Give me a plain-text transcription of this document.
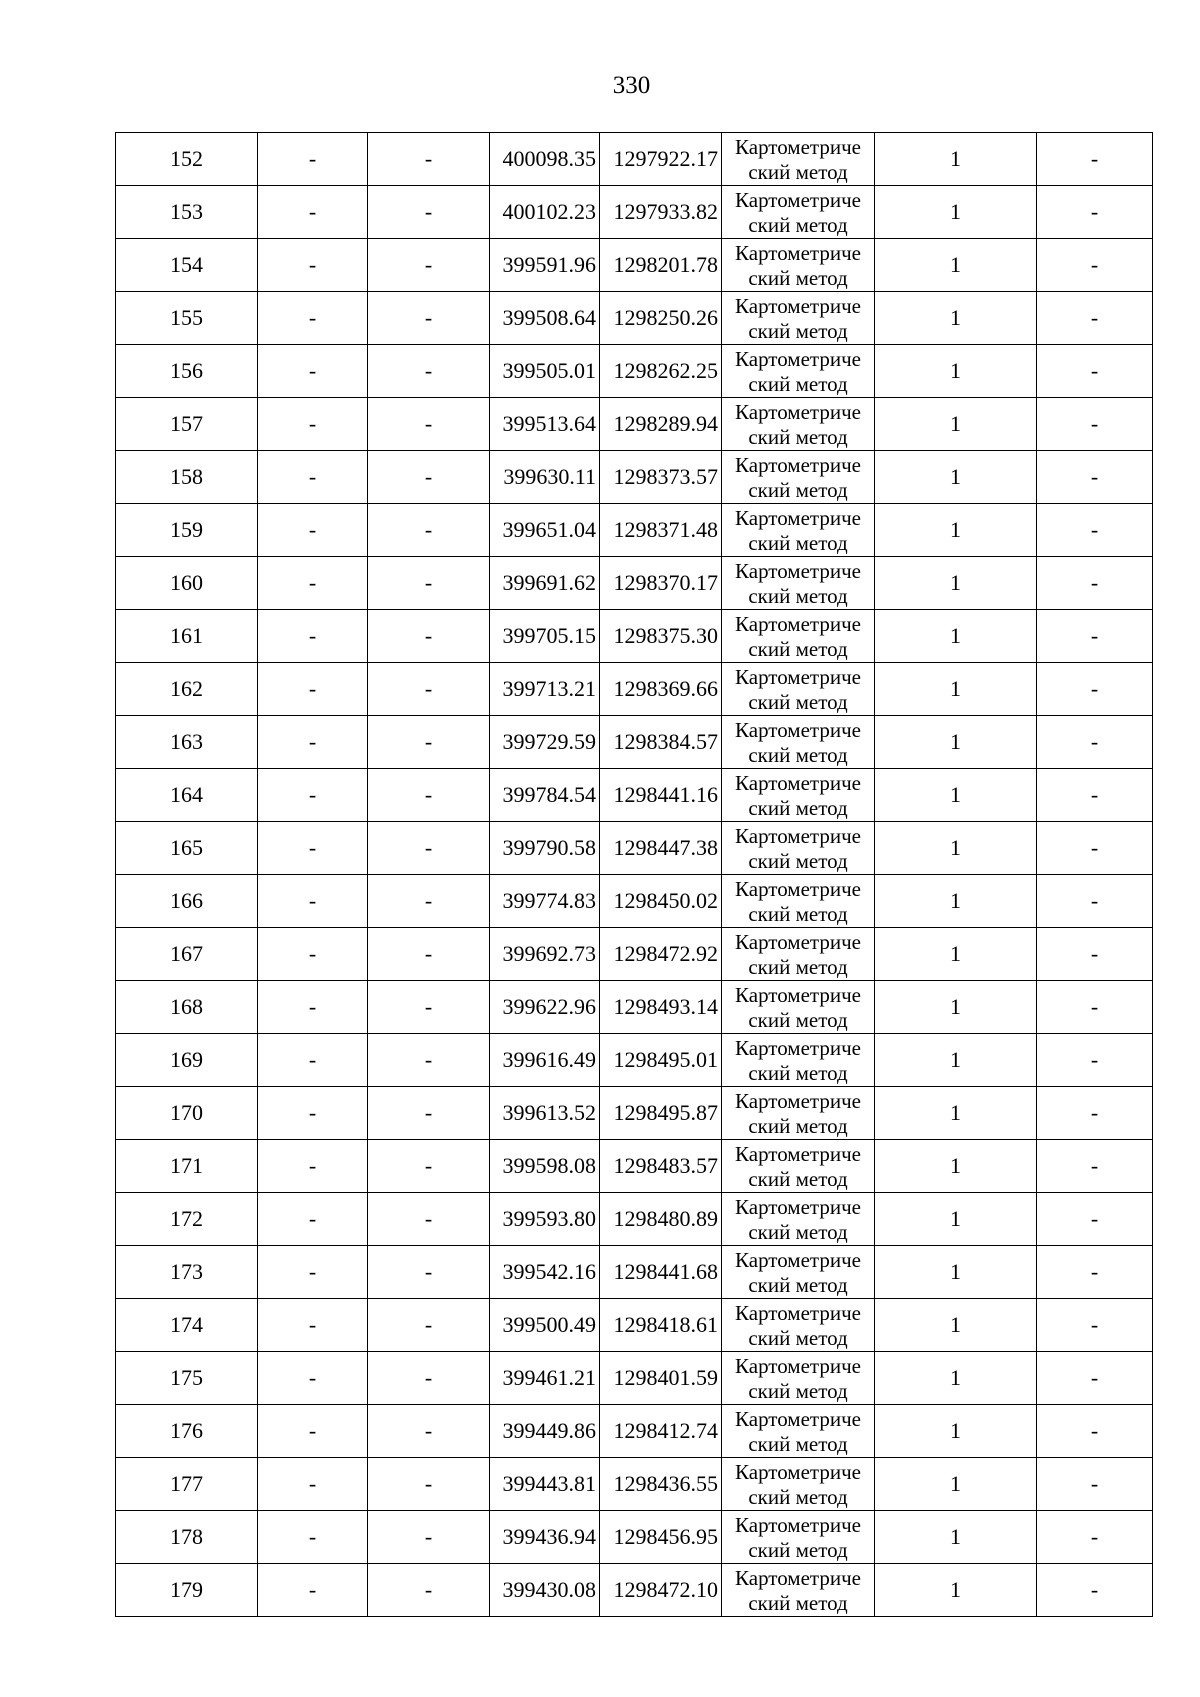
330
152	-	-	400098.35	1297922.17	Картометриче
ский метод	1	-
153	-	-	400102.23	1297933.82	Картометриче
ский метод	1	-
154	-	-	399591.96	1298201.78	Картометриче
ский метод	1	-
155	-	-	399508.64	1298250.26	Картометриче
ский метод	1	-
156	-	-	399505.01	1298262.25	Картометриче
ский метод	1	-
157	-	-	399513.64	1298289.94	Картометриче
ский метод	1	-
158	-	-	399630.11	1298373.57	Картометриче
ский метод	1	-
159	-	-	399651.04	1298371.48	Картометриче
ский метод	1	-
160	-	-	399691.62	1298370.17	Картометриче
ский метод	1	-
161	-	-	399705.15	1298375.30	Картометриче
ский метод	1	-
162	-	-	399713.21	1298369.66	Картометриче
ский метод	1	-
163	-	-	399729.59	1298384.57	Картометриче
ский метод	1	-
164	-	-	399784.54	1298441.16	Картометриче
ский метод	1	-
165	-	-	399790.58	1298447.38	Картометриче
ский метод	1	-
166	-	-	399774.83	1298450.02	Картометриче
ский метод	1	-
167	-	-	399692.73	1298472.92	Картометриче
ский метод	1	-
168	-	-	399622.96	1298493.14	Картометриче
ский метод	1	-
169	-	-	399616.49	1298495.01	Картометриче
ский метод	1	-
170	-	-	399613.52	1298495.87	Картометриче
ский метод	1	-
171	-	-	399598.08	1298483.57	Картометриче
ский метод	1	-
172	-	-	399593.80	1298480.89	Картометриче
ский метод	1	-
173	-	-	399542.16	1298441.68	Картометриче
ский метод	1	-
174	-	-	399500.49	1298418.61	Картометриче
ский метод	1	-
175	-	-	399461.21	1298401.59	Картометриче
ский метод	1	-
176	-	-	399449.86	1298412.74	Картометриче
ский метод	1	-
177	-	-	399443.81	1298436.55	Картометриче
ский метод	1	-
178	-	-	399436.94	1298456.95	Картометриче
ский метод	1	-
179	-	-	399430.08	1298472.10	Картометриче
ский метод	1	-
